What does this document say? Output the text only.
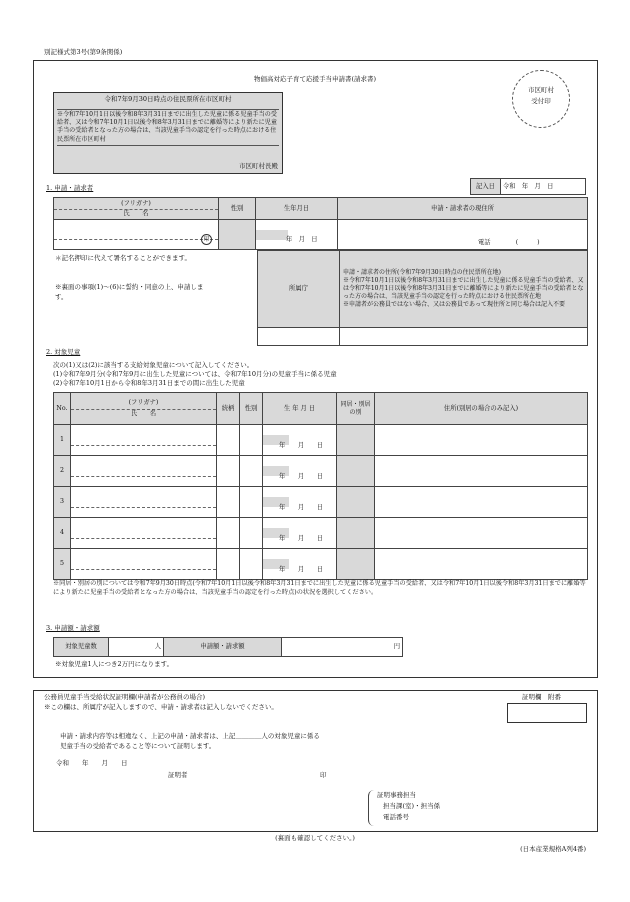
別記様式第3号(第9条関係)
物価高対応子育て応援手当申請書(請求書)
市区町村
受付印
令和7年9月30日時点の住民票所在市区町村
※令和7年10月1日以後令和8年3月31日までに出生した児童に係る児童手当の受給者、又は令和7年10月1日以後令和8年3月31日までに離婚等により新たに児童手当の受給者となった方の場合は、当該児童手当の認定を行った時点における住民票所在市区町村
市区町村長殿
記入日	令和　年　月　日
1. 申請・請求者
(フリガナ)
氏　　名	性別	生年月日	申請・請求者の現住所

印		年　月　日	電話　　　　(　　　)
＊記名押印に代えて署名することができます。
※裏面の事項(1)～(6)に誓約・同意の上、申請します。
所属庁	申請・請求者の住所(令和7年9月30日時点の住民票所在地)
※令和7年10月1日以後令和8年3月31日までに出生した児童に係る児童手当の受給者、又は令和7年10月1日以後令和8年3月31日までに離婚等により新たに児童手当の受給者となった方の場合は、当該児童手当の認定を行った時点における住民票所在地
※申請者が公務員ではない場合、又は公務員であって現住所と同じ場合は記入不要

2. 対象児童
次の(1)又は(2)に該当する支給対象児童について記入してください。
(1)令和7年9月分(令和7年9月に出生した児童については、令和7年10月分)の児童手当に係る児童
(2)令和7年10月1日から令和8年3月31日までの間に出生した児童
No.	(フリガナ)
氏　　名	続柄	性別	生 年 月 日	同居・別居の別	住所(別居の場合のみ記入)
1				年　　月　　日		

2				年　　月　　日		

3				年　　月　　日		

4				年　　月　　日		

5				年　　月　　日		

※同居・別居の別については令和7年9月30日時点(令和7年10月1日以後令和8年3月31日までに出生した児童に係る児童手当の受給者、又は令和7年10月1日以後令和8年3月31日までに離婚等により新たに児童手当の受給者となった方の場合は、当該児童手当の認定を行った時点)の状況を選択してください。
3. 申請額・請求額
対象児童数	人	申請額・請求額	円
※対象児童1人につき2万円になります。
公務員児童手当受給状況証明欄(申請者が公務員の場合)
※この欄は、所属庁が記入しますので、申請・請求者は記入しないでください。
証明欄　附番
申請・請求内容等は相違なく、上記の申請・請求者は、上記＿＿＿＿人の対象児童に係る
児童手当の受給者であること等について証明します。
令和　　年　　月　　日
証明者	印
証明事務担当
担当課(室)・担当係
電話番号
(裏面も確認してください。)
(日本産業規格A列4番)
